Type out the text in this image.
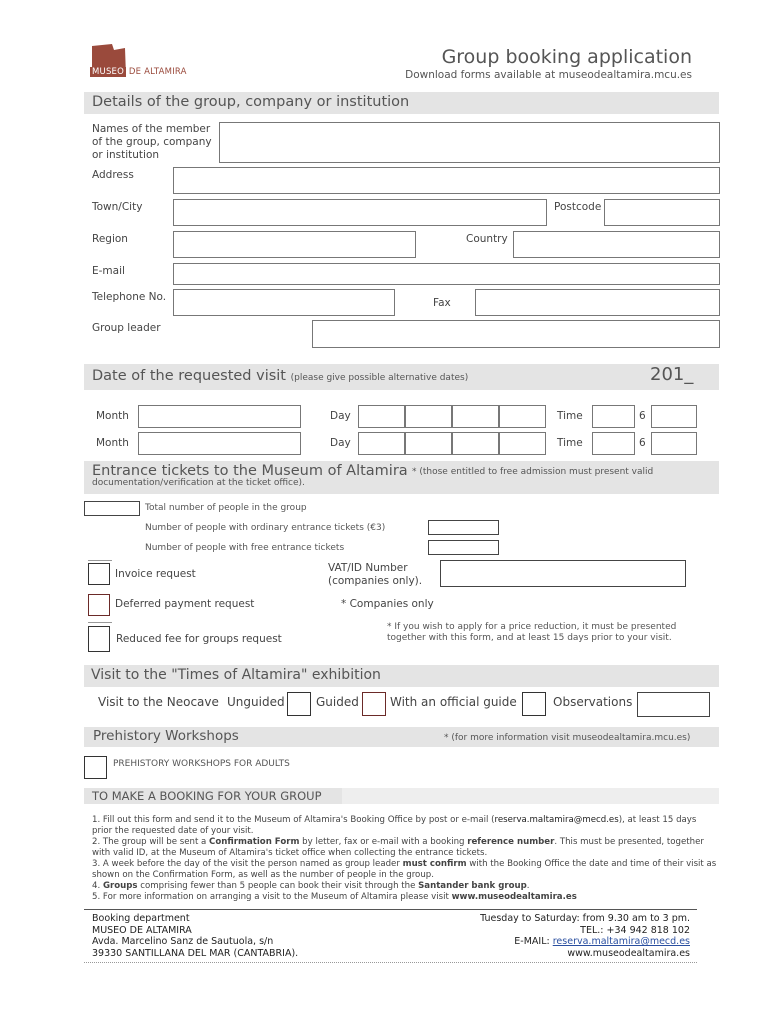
MUSEO DE ALTAMIRA
Group booking application
Download forms available at museodealtamira.mcu.es
Details of the group, company or institution
Names of the member of the group, company or institution
Address
Town/City	Postcode
Region	Country
E-mail
Telephone No.	Fax
Group leader
Date of the requested visit (please give possible alternative dates)	201_
Month	Day	Time	6
Month	Day	Time	6
Entrance tickets to the Museum of Altamira * (those entitled to free admission must present valid documentation/verification at the ticket office).
Total number of people in the group
Number of people with ordinary entrance tickets (€3)
Number of people with free entrance tickets
Invoice request	VAT/ID Number (companies only).
Deferred payment request	* Companies only
Reduced fee for groups request
* If you wish to apply for a price reduction, it must be presented together with this form, and at least 15 days prior to your visit.
Visit to the "Times of Altamira" exhibition
Visit to the Neocave Unguided	Guided	With an official guide	Observations
Prehistory Workshops	* (for more information visit museodealtamira.mcu.es)
PREHISTORY WORKSHOPS FOR ADULTS
TO MAKE A BOOKING FOR YOUR GROUP
1. Fill out this form and send it to the Museum of Altamira's Booking Office by post or e-mail (reserva.maltamira@mecd.es), at least 15 days prior the requested date of your visit.
2. The group will be sent a Confirmation Form by letter, fax or e-mail with a booking reference number. This must be presented, together with valid ID, at the Museum of Altamira's ticket office when collecting the entrance tickets.
3. A week before the day of the visit the person named as group leader must confirm with the Booking Office the date and time of their visit as shown on the Confirmation Form, as well as the number of people in the group.
4. Groups comprising fewer than 5 people can book their visit through the Santander bank group.
5. For more information on arranging a visit to the Museum of Altamira please visit www.museodealtamira.es
Booking department
MUSEO DE ALTAMIRA
Avda. Marcelino Sanz de Sautuola, s/n
39330 SANTILLANA DEL MAR (CANTABRIA).
Tuesday to Saturday: from 9.30 am to 3 pm.
TEL.: +34 942 818 102
E-MAIL: reserva.maltamira@mecd.es
www.museodealtamira.es
